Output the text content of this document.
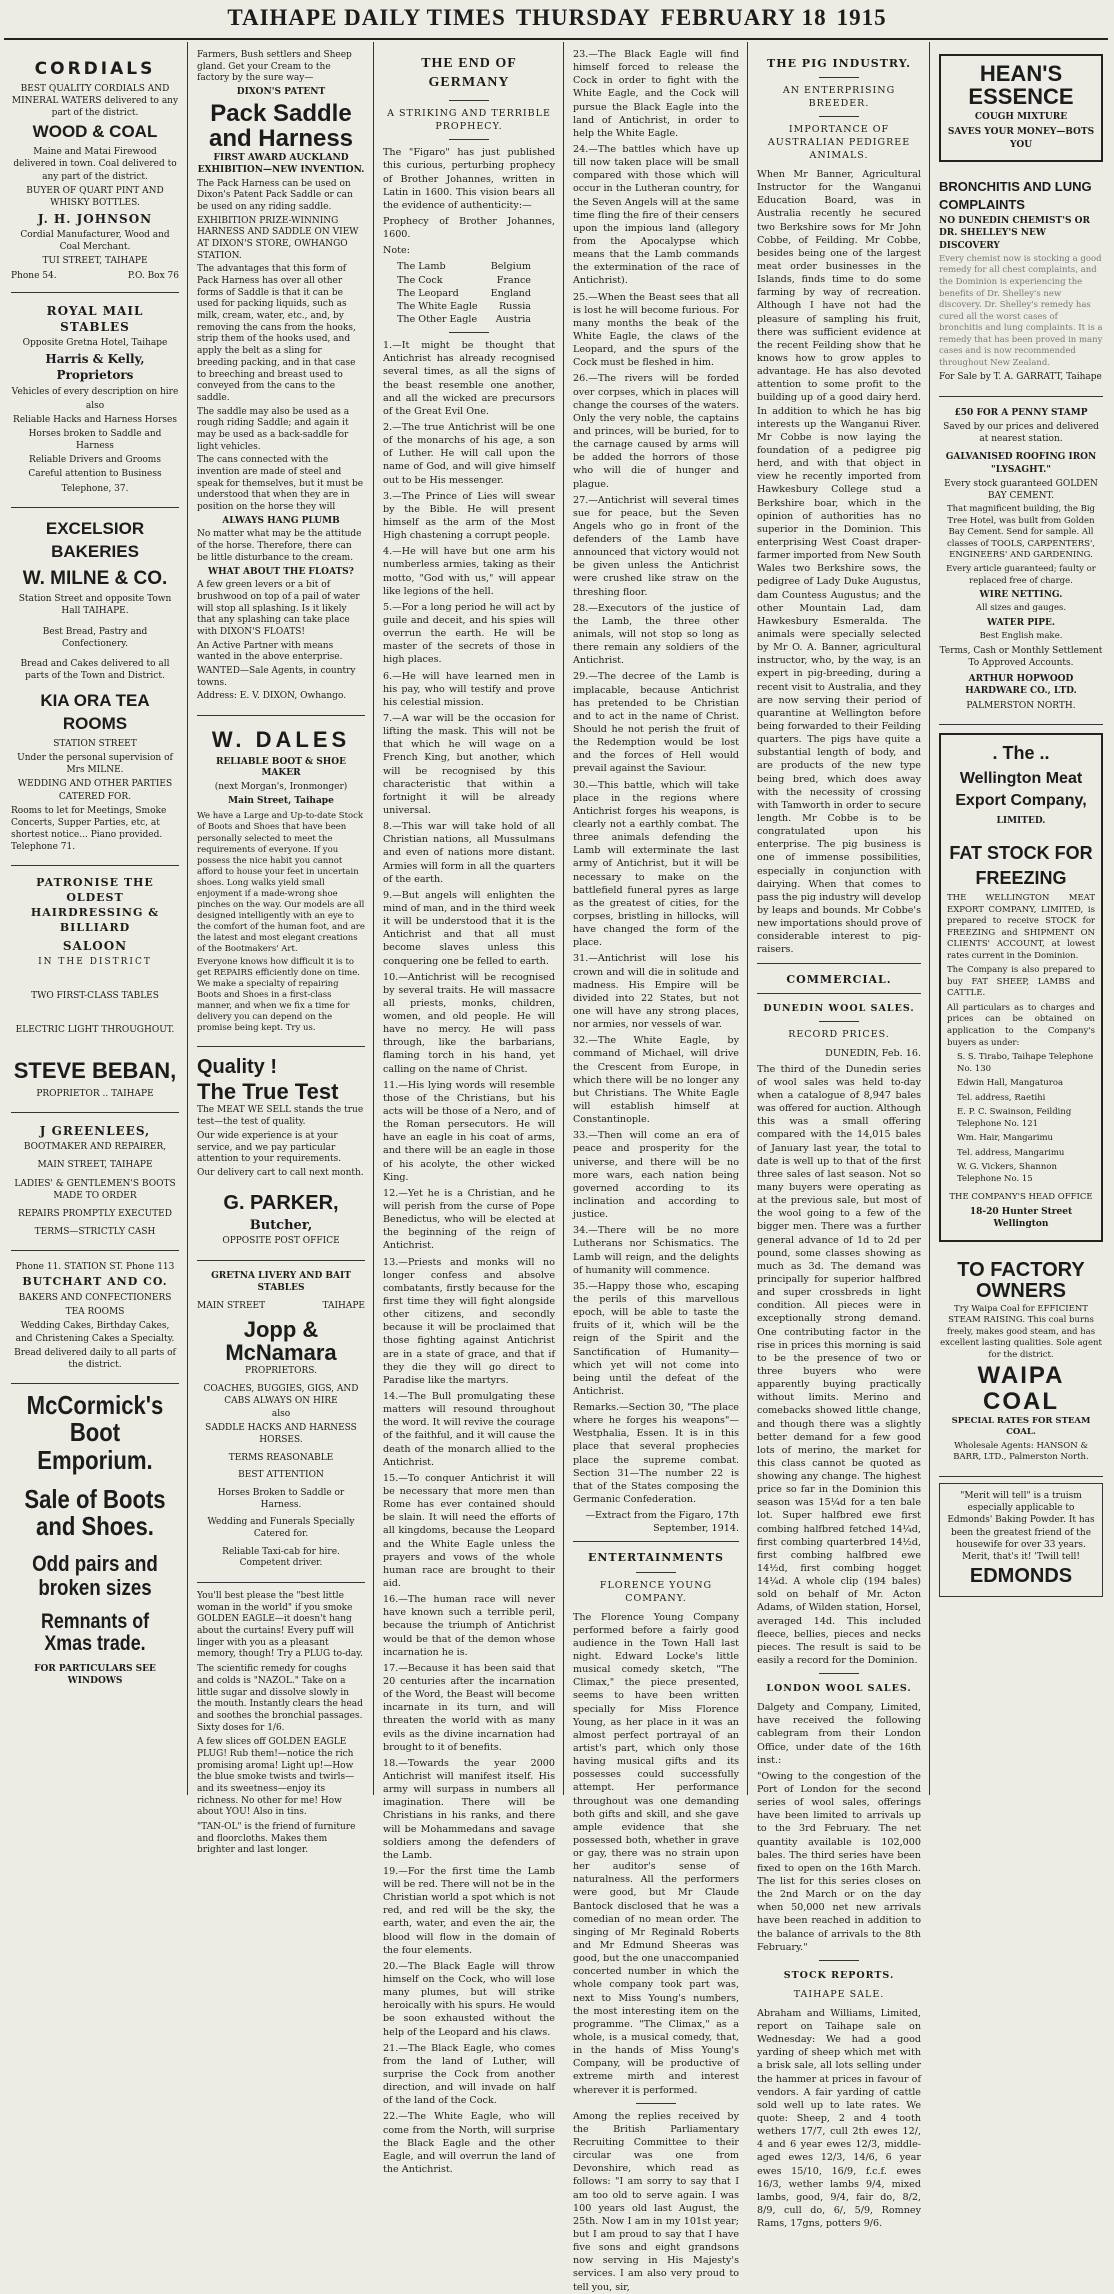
TAIHAPE DAILY TIMES THURSDAY FEBRUARY 18 1915

CORDIALS

BEST QUALITY CORDIALS AND MINERAL WATERS delivered to any part of the district.

WOOD & COAL

Maine and Matai Firewood delivered in town. Coal delivered to any part of the district.

BUYER OF QUART PINT AND WHISKY BOTTLES.

J. H. JOHNSON

Cordial Manufacturer, Wood and Coal Merchant.

TUI STREET, TAIHAPE

Phone 54.	P.O. Box 76

ROYAL MAIL STABLES

Opposite Gretna Hotel, Taihape

Harris & Kelly, Proprietors

Vehicles of every description on hire

also

Reliable Hacks and Harness Horses

Horses broken to Saddle and Harness

Reliable Drivers and Grooms

Careful attention to Business

Telephone, 37.

EXCELSIOR BAKERIES

W. MILNE & CO.

Station Street and opposite Town Hall TAIHAPE.

Best Bread, Pastry and Confectionery.

Bread and Cakes delivered to all parts of the Town and District.

KIA ORA TEA ROOMS

STATION STREET

Under the personal supervision of Mrs MILNE.

WEDDING AND OTHER PARTIES CATERED FOR.

Rooms to let for Meetings, Smoke Concerts, Supper Parties, etc, at shortest notice... Piano provided. Telephone 71.

PATRONISE THE OLDEST HAIRDRESSING & BILLIARD

SALOON

IN THE DISTRICT

TWO FIRST-CLASS TABLES

ELECTRIC LIGHT THROUGHOUT.

STEVE BEBAN,

PROPRIETOR .. TAIHAPE

J GREENLEES,

BOOTMAKER AND REPAIRER,

MAIN STREET, TAIHAPE

LADIES' & GENTLEMEN'S BOOTS MADE TO ORDER

REPAIRS PROMPTLY EXECUTED

TERMS—STRICTLY CASH

Phone 11. STATION ST. Phone 113

BUTCHART AND CO.

BAKERS AND CONFECTIONERS

TEA ROOMS

Wedding Cakes, Birthday Cakes, and Christening Cakes a Specialty.

Bread delivered daily to all parts of the district.

McCormick's Boot Emporium.

Sale of Boots and Shoes.

Odd pairs and broken sizes

Remnants of Xmas trade.

FOR PARTICULARS SEE WINDOWS

Farmers, Bush settlers and Sheep gland. Get your Cream to the factory by the sure way—

DIXON'S PATENT

Pack Saddle and Harness

FIRST AWARD AUCKLAND EXHIBITION—NEW INVENTION.

The Pack Harness can be used on Dixon's Patent Pack Saddle or can be used on any riding saddle.

EXHIBITION PRIZE-WINNING HARNESS AND SADDLE ON VIEW AT DIXON'S STORE, OWHANGO STATION.

The advantages that this form of Pack Harness has over all other forms of Saddle is that it can be used for packing liquids, such as milk, cream, water, etc., and, by removing the cans from the hooks, strip them of the hooks used, and apply the belt as a sling for breeding packing, and in that case to breeching and breast used to conveyed from the cans to the saddle.

The saddle may also be used as a rough riding Saddle; and again it may be used as a back-saddle for light vehicles.

The cans connected with the invention are made of steel and speak for themselves, but it must be understood that when they are in position on the horse they will

ALWAYS HANG PLUMB

No matter what may be the attitude of the horse. Therefore, there can be little disturbance to the cream.

WHAT ABOUT THE FLOATS?

A few green levers or a bit of brushwood on top of a pail of water will stop all splashing. Is it likely that any splashing can take place with DIXON'S FLOATS!

An Active Partner with means wanted in the above enterprise.

WANTED—Sale Agents, in country towns.

Address: E. V. DIXON, Owhango.

W. DALES

RELIABLE BOOT & SHOE MAKER

(next Morgan's, Ironmonger)

Main Street, Taihape

We have a Large and Up-to-date Stock of Boots and Shoes that have been personally selected to meet the requirements of everyone. If you possess the nice habit you cannot afford to house your feet in uncertain shoes. Long walks yield small enjoyment if a made-wrong shoe pinches on the way. Our models are all designed intelligently with an eye to the comfort of the human foot, and are the latest and most elegant creations of the Bootmakers' Art.

Everyone knows how difficult it is to get REPAIRS efficiently done on time. We make a specialty of repairing Boots and Shoes in a first-class manner, and when we fix a time for delivery you can depend on the promise being kept. Try us.

Quality !

The True Test

The MEAT WE SELL stands the true test—the test of quality.

Our wide experience is at your service, and we pay particular attention to your requirements.

Our delivery cart to call next month.

G. PARKER,

Butcher,

OPPOSITE POST OFFICE

GRETNA LIVERY AND BAIT STABLES

MAIN STREET	TAIHAPE

Jopp & McNamara

PROPRIETORS.

COACHES, BUGGIES, GIGS, AND CABS ALWAYS ON HIRE

also

SADDLE HACKS AND HARNESS HORSES.

TERMS REASONABLE

BEST ATTENTION

Horses Broken to Saddle or Harness.

Wedding and Funerals Specially Catered for.

Reliable Taxi-cab for hire. Competent driver.

You'll best please the "best little woman in the world" if you smoke GOLDEN EAGLE—it doesn't hang about the curtains! Every puff will linger with you as a pleasant memory, though! Try a PLUG to-day.

The scientific remedy for coughs and colds is "NAZOL." Take on a little sugar and dissolve slowly in the mouth. Instantly clears the head and soothes the bronchial passages. Sixty doses for 1/6.

A few slices off GOLDEN EAGLE PLUG! Rub them!—notice the rich promising aroma! Light up!—How the blue smoke twists and twirls—and its sweetness—enjoy its richness. No other for me! How about YOU! Also in tins.

"TAN-OL" is the friend of furniture and floorcloths. Makes them brighter and last longer.

THE END OF GERMANY

A STRIKING AND TERRIBLE PROPHECY.

The "Figaro" has just published this curious, perturbing prophecy of Brother Johannes, written in Latin in 1600. This vision bears all the evidence of authenticity:—

Prophecy of Brother Johannes, 1600.

Note:

The Lamb	Belgium
The Cock	France
The Leopard	England
The White Eagle Russia
The Other Eagle Austria

1.—It might be thought that Antichrist has already recognised several times, as all the signs of the beast resemble one another, and all the wicked are precursors of the Great Evil One.

2.—The true Antichrist will be one of the monarchs of his age, a son of Luther. He will call upon the name of God, and will give himself out to be His messenger.

3.—The Prince of Lies will swear by the Bible. He will present himself as the arm of the Most High chastening a corrupt people.

4.—He will have but one arm his numberless armies, taking as their motto, "God with us," will appear like legions of the hell.

5.—For a long period he will act by guile and deceit, and his spies will overrun the earth. He will be master of the secrets of those in high places.

6.—He will have learned men in his pay, who will testify and prove his celestial mission.

7.—A war will be the occasion for lifting the mask. This will not be that which he will wage on a French King, but another, which will be recognised by this characteristic that within a fortnight it will be already universal.

8.—This war will take hold of all Christian nations, all Mussulmans and even of nations more distant. Armies will form in all the quarters of the earth.

9.—But angels will enlighten the mind of man, and in the third week it will be understood that it is the Antichrist and that all must become slaves unless this conquering one be felled to earth.

10.—Antichrist will be recognised by several traits. He will massacre all priests, monks, children, women, and old people. He will have no mercy. He will pass through, like the barbarians, flaming torch in his hand, yet calling on the name of Christ.

11.—His lying words will resemble those of the Christians, but his acts will be those of a Nero, and of the Roman persecutors. He will have an eagle in his coat of arms, and there will be an eagle in those of his acolyte, the other wicked King.

12.—Yet he is a Christian, and he will perish from the curse of Pope Benedictus, who will be elected at the beginning of the reign of Antichrist.

13.—Priests and monks will no longer confess and absolve combatants, firstly because for the first time they will fight alongside other citizens, and secondly because it will be proclaimed that those fighting against Antichrist are in a state of grace, and that if they die they will go direct to Paradise like the martyrs.

14.—The Bull promulgating these matters will resound throughout the word. It will revive the courage of the faithful, and it will cause the death of the monarch allied to the Antichrist.

15.—To conquer Antichrist it will be necessary that more men than Rome has ever contained should be slain. It will need the efforts of all kingdoms, because the Leopard and the White Eagle unless the prayers and vows of the whole human race are brought to their aid.

16.—The human race will never have known such a terrible peril, because the triumph of Antichrist would be that of the demon whose incarnation he is.

17.—Because it has been said that 20 centuries after the incarnation of the Word, the Beast will become incarnate in its turn, and will threaten the world with as many evils as the divine incarnation had brought to it of benefits.

18.—Towards the year 2000 Antichrist will manifest itself. His army will surpass in numbers all imagination. There will be Christians in his ranks, and there will be Mohammedans and savage soldiers among the defenders of the Lamb.

19.—For the first time the Lamb will be red. There will not be in the Christian world a spot which is not red, and red will be the sky, the earth, water, and even the air, the blood will flow in the domain of the four elements.

20.—The Black Eagle will throw himself on the Cock, who will lose many plumes, but will strike heroically with his spurs. He would be soon exhausted without the help of the Leopard and his claws.

21.—The Black Eagle, who comes from the land of Luther, will surprise the Cock from another direction, and will invade on half of the land of the Cock.

22.—The White Eagle, who will come from the North, will surprise the Black Eagle and the other Eagle, and will overrun the land of the Antichrist.

23.—The Black Eagle will find himself forced to release the Cock in order to fight with the White Eagle, and the Cock will pursue the Black Eagle into the land of Antichrist, in order to help the White Eagle.

24.—The battles which have up till now taken place will be small compared with those which will occur in the Lutheran country, for the Seven Angels will at the same time fling the fire of their censers upon the impious land (allegory from the Apocalypse which means that the Lamb commands the extermination of the race of Antichrist).

25.—When the Beast sees that all is lost he will become furious. For many months the beak of the White Eagle, the claws of the Leopard, and the spurs of the Cock must be fleshed in him.

26.—The rivers will be forded over corpses, which in places will change the courses of the waters. Only the very noble, the captains and princes, will be buried, for to the carnage caused by arms will be added the horrors of those who will die of hunger and plague.

27.—Antichrist will several times sue for peace, but the Seven Angels who go in front of the defenders of the Lamb have announced that victory would not be given unless the Antichrist were crushed like straw on the threshing floor.

28.—Executors of the justice of the Lamb, the three other animals, will not stop so long as there remain any soldiers of the Antichrist.

29.—The decree of the Lamb is implacable, because Antichrist has pretended to be Christian and to act in the name of Christ. Should he not perish the fruit of the Redemption would be lost and the forces of Hell would prevail against the Saviour.

30.—This battle, which will take place in the regions where Antichrist forges his weapons, is clearly not a earthly combat. The three animals defending the Lamb will exterminate the last army of Antichrist, but it will be necessary to make on the battlefield funeral pyres as large as the greatest of cities, for the corpses, bristling in hillocks, will have changed the form of the place.

31.—Antichrist will lose his crown and will die in solitude and madness. His Empire will be divided into 22 States, but not one will have any strong places, nor armies, nor vessels of war.

32.—The White Eagle, by command of Michael, will drive the Crescent from Europe, in which there will be no longer any but Christians. The White Eagle will establish himself at Constantinople.

33.—Then will come an era of peace and prosperity for the universe, and there will be no more wars, each nation being governed according to its inclination and according to justice.

34.—There will be no more Lutherans nor Schismatics. The Lamb will reign, and the delights of humanity will commence.

35.—Happy those who, escaping the perils of this marvellous epoch, will be able to taste the fruits of it, which will be the reign of the Spirit and the Sanctification of Humanity—which yet will not come into being until the defeat of the Antichrist.

Remarks.—Section 30, "The place where he forges his weapons"—Westphalia, Essen. It is in this place that several prophecies place the supreme combat. Section 31—The number 22 is that of the States composing the Germanic Confederation.

—Extract from the Figaro, 17th September, 1914.

ENTERTAINMENTS

FLORENCE YOUNG COMPANY.

The Florence Young Company performed before a fairly good audience in the Town Hall last night. Edward Locke's little musical comedy sketch, "The Climax," the piece presented, seems to have been written specially for Miss Florence Young, as her place in it was an almost perfect portrayal of an artist's part, which only those having musical gifts and its possesses could successfully attempt. Her performance throughout was one demanding both gifts and skill, and she gave ample evidence that she possessed both, whether in grave or gay, there was no strain upon her auditor's sense of naturalness. All the performers were good, but Mr Claude Bantock disclosed that he was a comedian of no mean order. The singing of Mr Reginald Roberts and Mr Edmund Sheeras was good, but the one unaccompanied concerted number in which the whole company took part was, next to Miss Young's numbers, the most interesting item on the programme. "The Climax," as a whole, is a musical comedy, that, in the hands of Miss Young's Company, will be productive of extreme mirth and interest wherever it is performed.

Among the replies received by the British Parliamentary Recruiting Committee to their circular was one from Devonshire, which read as follows: "I am sorry to say that I am too old to serve again. I was 100 years old last August, the 25th. Now I am in my 101st year; but I am proud to say that I have five sons and eight grandsons now serving in His Majesty's services. I am also very proud to tell you, sir,

THE PIG INDUSTRY.

AN ENTERPRISING BREEDER.

IMPORTANCE OF AUSTRALIAN PEDIGREE ANIMALS.

When Mr Banner, Agricultural Instructor for the Wanganui Education Board, was in Australia recently he secured two Berkshire sows for Mr John Cobbe, of Feilding. Mr Cobbe, besides being one of the largest meat order businesses in the Islands, finds time to do some farming by way of recreation. Although I have not had the pleasure of sampling his fruit, there was sufficient evidence at the recent Feilding show that he knows how to grow apples to advantage. He has also devoted attention to some profit to the building up of a good dairy herd. In addition to which he has big interests up the Wanganui River. Mr Cobbe is now laying the foundation of a pedigree pig herd, and with that object in view he recently imported from Hawkesbury College stud a Berkshire boar, which in the opinion of authorities has no superior in the Dominion. This enterprising West Coast draper-farmer imported from New South Wales two Berkshire sows, the pedigree of Lady Duke Augustus, dam Countess Augustus; and the other Mountain Lad, dam Hawkesbury Esmeralda. The animals were specially selected by Mr O. A. Banner, agricultural instructor, who, by the way, is an expert in pig-breeding, during a recent visit to Australia, and they are now serving their period of quarantine at Wellington before being forwarded to their Feilding quarters. The pigs have quite a substantial length of body, and are products of the new type being bred, which does away with the necessity of crossing with Tamworth in order to secure length. Mr Cobbe is to be congratulated upon his enterprise. The pig business is one of immense possibilities, especially in conjunction with dairying. When that comes to pass the pig industry will develop by leaps and bounds. Mr Cobbe's new importations should prove of considerable interest to pig-raisers.

COMMERCIAL.

DUNEDIN WOOL SALES.

RECORD PRICES.

DUNEDIN, Feb. 16.

The third of the Dunedin series of wool sales was held to-day when a catalogue of 8,947 bales was offered for auction. Although this was a small offering compared with the 14,015 bales of January last year, the total to date is well up to that of the first three sales of last season. Not so many buyers were operating as at the previous sale, but most of the wool going to a few of the bigger men. There was a further general advance of 1d to 2d per pound, some classes showing as much as 3d. The demand was principally for superior halfbred and super crossbreds in light condition. All pieces were in exceptionally strong demand. One contributing factor in the rise in prices this morning is said to be the presence of two or three buyers who were apparently buying practically without limits. Merino and comebacks showed little change, and though there was a slightly better demand for a few good lots of merino, the market for this class cannot be quoted as showing any change. The highest price so far in the Dominion this season was 15¼d for a ten bale lot. Super halfbred ewe first combing halfbred fetched 14¼d, first combing quarterbred 14½d, first combing halfbred ewe 14½d, first combing hogget 14¼d. A whole clip (194 bales) sold on behalf of Mr. Acton Adams, of Wilden station, Horsel, averaged 14d. This included fleece, bellies, pieces and necks pieces. The result is said to be easily a record for the Dominion.

LONDON WOOL SALES.

Dalgety and Company, Limited, have received the following cablegram from their London Office, under date of the 16th inst.:

"Owing to the congestion of the Port of London for the second series of wool sales, offerings have been limited to arrivals up to the 3rd February. The net quantity available is 102,000 bales. The third series have been fixed to open on the 16th March. The list for this series closes on the 2nd March or on the day when 50,000 net new arrivals have been reached in addition to the balance of arrivals to the 8th February."

STOCK REPORTS.

TAIHAPE SALE.

Abraham and Williams, Limited, report on Taihape sale on Wednesday: We had a good yarding of sheep which met with a brisk sale, all lots selling under the hammer at prices in favour of vendors. A fair yarding of cattle sold well up to late rates. We quote: Sheep, 2 and 4 tooth wethers 17/7, cull 2th ewes 12/, 4 and 6 year ewes 12/3, middle-aged ewes 12/3, 14/6, 6 year ewes 15/10, 16/9, f.c.f. ewes 16/3, wether lambs 9/4, mixed lambs, good, 9/4, fair do, 8/2, 8/9, cull do, 6/, 5/9, Romney Rams, 17gns, potters 9/6.

HEAN'S ESSENCE

COUGH MIXTURE

SAVES YOUR MONEY—BOTS YOU

BRONCHITIS AND LUNG COMPLAINTS

NO DUNEDIN CHEMIST'S OR DR. SHELLEY'S NEW DISCOVERY

Every chemist now is stocking a good remedy for all chest complaints, and the Dominion is experiencing the benefits of Dr. Shelley's new discovery. Dr. Shelley's remedy has cured all the worst cases of bronchitis and lung complaints. It is a remedy that has been proved in many cases and is now recommended throughout New Zealand.

For Sale by T. A. GARRATT, Taihape

£50 FOR A PENNY STAMP

Saved by our prices and delivered at nearest station.

GALVANISED ROOFING IRON "LYSAGHT."

Every stock guaranteed GOLDEN BAY CEMENT.

That magnificent building, the Big Tree Hotel, was built from Golden Bay Cement. Send for sample. All classes of TOOLS, CARPENTERS', ENGINEERS' AND GARDENING.

Every article guaranteed; faulty or replaced free of charge.

WIRE NETTING.

All sizes and gauges.

WATER PIPE.

Best English make.

Terms, Cash or Monthly Settlement To Approved Accounts.

ARTHUR HOPWOOD HARDWARE CO., LTD.

PALMERSTON NORTH.

. The ..

Wellington Meat Export Company,

LIMITED.

FAT STOCK FOR FREEZING

THE WELLINGTON MEAT EXPORT COMPANY, LIMITED, is prepared to receive STOCK for FREEZING and SHIPMENT ON CLIENTS' ACCOUNT, at lowest rates current in the Dominion.

The Company is also prepared to buy FAT SHEEP, LAMBS and CATTLE.

All particulars as to charges and prices can be obtained on application to the Company's buyers as under:

S. S. Tirabo, Taihape Telephone No. 130

Edwin Hall, Mangaturoa

Tel. address, Raetihi

E. P. C. Swainson, Feilding Telephone No. 121

Wm. Hair, Mangarimu

Tel. address, Mangarimu

W. G. Vickers, Shannon Telephone No. 15

THE COMPANY'S HEAD OFFICE

18-20 Hunter Street Wellington

TO FACTORY OWNERS

Try Waipa Coal for EFFICIENT STEAM RAISING. This coal burns freely, makes good steam, and has excellent lasting qualities. Sole agent for the district.

WAIPA COAL

SPECIAL RATES FOR STEAM COAL.

Wholesale Agents: HANSON & BARR, LTD., Palmerston North.

"Merit will tell" is a truism especially applicable to Edmonds' Baking Powder. It has been the greatest friend of the housewife for over 33 years. Merit, that's it! 'Twill tell!

EDMONDS
